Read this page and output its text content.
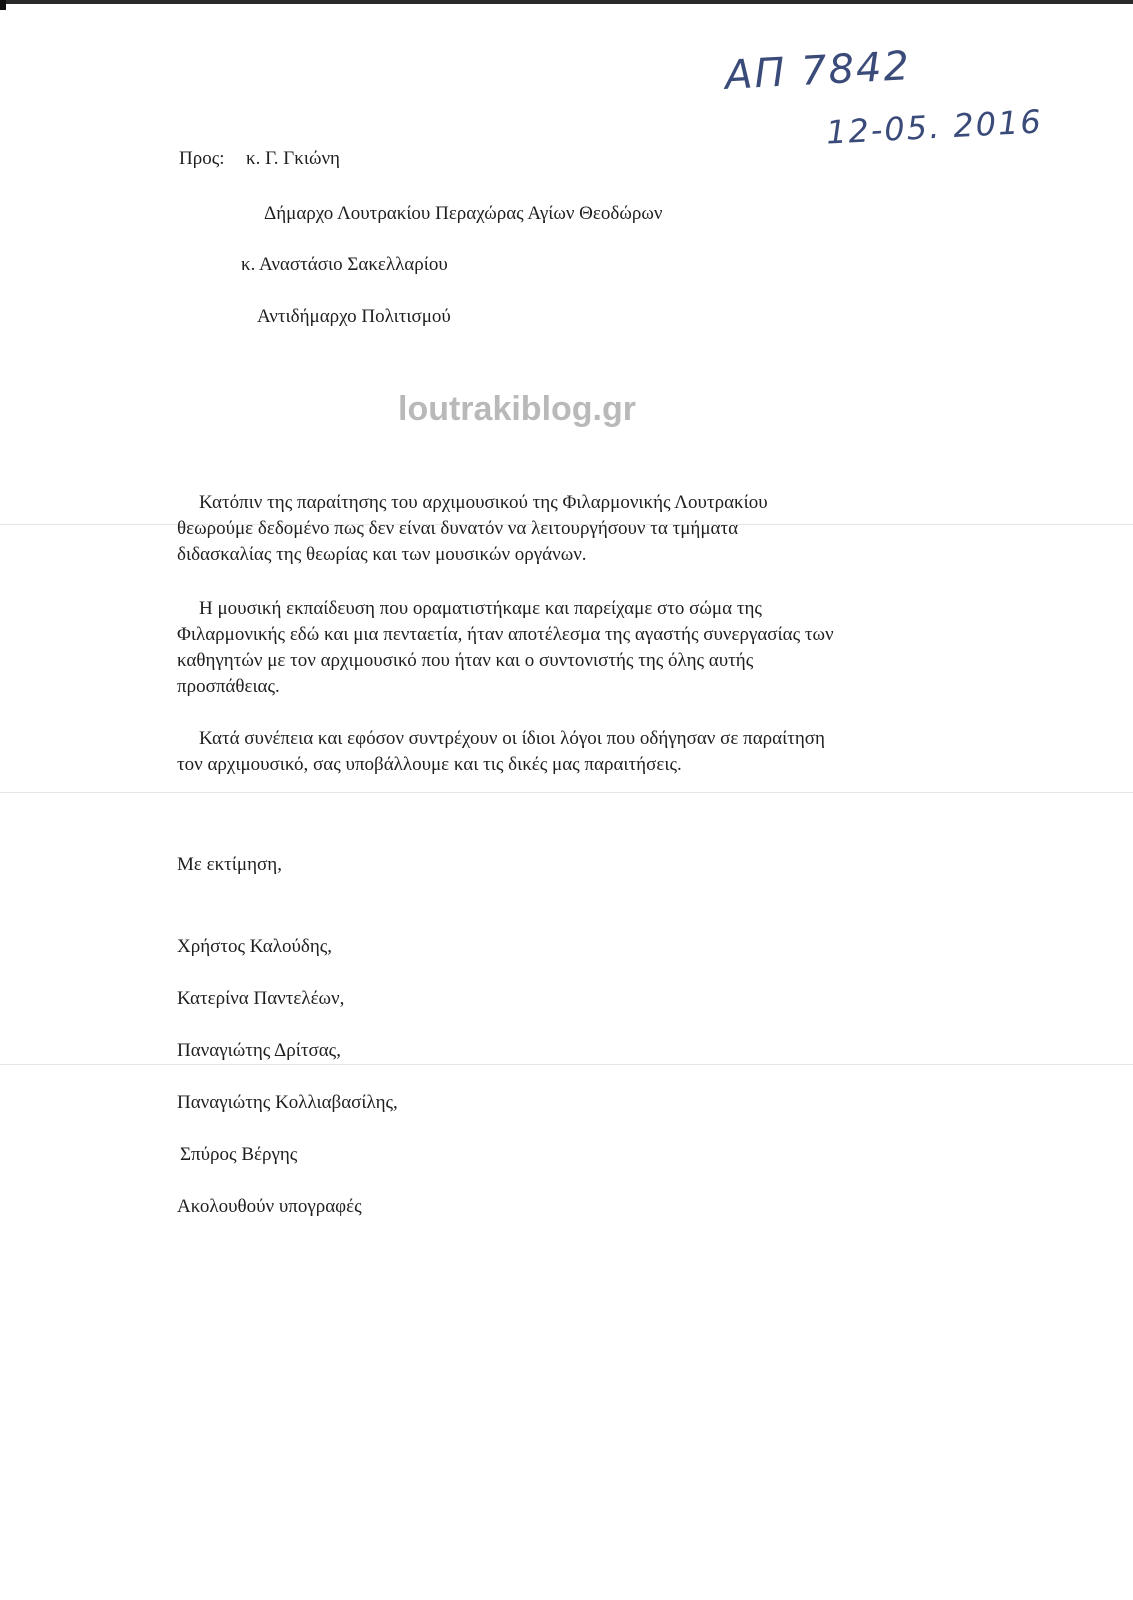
ΑΠ 7842
12-05. 2016
Προς: κ. Γ. Γκιώνη
Δήμαρχο Λουτρακίου Περαχώρας Αγίων Θεοδώρων
κ. Αναστάσιο Σακελλαρίου
Αντιδήμαρχο Πολιτισμού
loutrakiblog.gr

Κατόπιν της παραίτησης του αρχιμουσικού της Φιλαρμονικής Λουτρακίου

θεωρούμε δεδομένο πως δεν είναι δυνατόν να λειτουργήσουν τα τμήματα

διδασκαλίας της θεωρίας και των μουσικών οργάνων.

Η μουσική εκπαίδευση που οραματιστήκαμε και παρείχαμε στο σώμα της

Φιλαρμονικής εδώ και μια πενταετία, ήταν αποτέλεσμα της αγαστής συνεργασίας των

καθηγητών με τον αρχιμουσικό που ήταν και ο συντονιστής της όλης αυτής

προσπάθειας.

Κατά συνέπεια και εφόσον συντρέχουν οι ίδιοι λόγοι που οδήγησαν σε παραίτηση

τον αρχιμουσικό, σας υποβάλλουμε και τις δικές μας παραιτήσεις.

Με εκτίμηση,
Χρήστος Καλούδης,
Κατερίνα Παντελέων,
Παναγιώτης Δρίτσας,
Παναγιώτης Κολλιαβασίλης,
Σπύρος Βέργης
Ακολουθούν υπογραφές
